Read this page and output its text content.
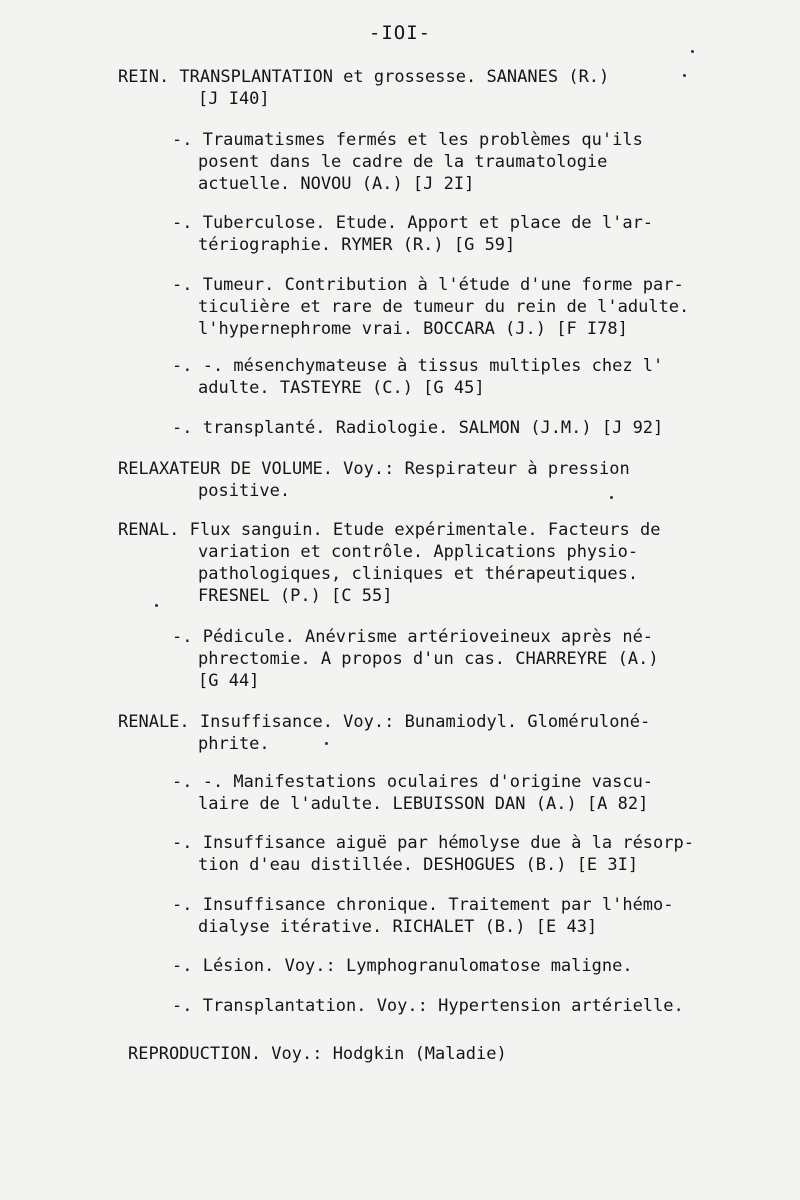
-IOI-
REIN. TRANSPLANTATION et grossesse. SANANES (R.)
[J I40]
-. Traumatismes fermés et les problèmes qu'ils
posent dans le cadre de la traumatologie
actuelle. NOVOU (A.) [J 2I]
-. Tuberculose. Etude. Apport et place de l'ar-
tériographie. RYMER (R.) [G 59]
-. Tumeur. Contribution à l'étude d'une forme par-
ticulière et rare de tumeur du rein de l'adulte.
l'hypernephrome vrai. BOCCARA (J.) [F I78]
-. -. mésenchymateuse à tissus multiples chez l'
adulte. TASTEYRE (C.) [G 45]
-. transplanté. Radiologie. SALMON (J.M.) [J 92]
RELAXATEUR DE VOLUME. Voy.: Respirateur à pression
positive.
RENAL. Flux sanguin. Etude expérimentale. Facteurs de
variation et contrôle. Applications physio-
pathologiques, cliniques et thérapeutiques.
FRESNEL (P.) [C 55]
-. Pédicule. Anévrisme artérioveineux après né-
phrectomie. A propos d'un cas. CHARREYRE (A.)
[G 44]
RENALE. Insuffisance. Voy.: Bunamiodyl. Gloméruloné-
phrite.
-. -. Manifestations oculaires d'origine vascu-
laire de l'adulte. LEBUISSON DAN (A.) [A 82]
-. Insuffisance aiguë par hémolyse due à la résorp-
tion d'eau distillée. DESHOGUES (B.) [E 3I]
-. Insuffisance chronique. Traitement par l'hémo-
dialyse itérative. RICHALET (B.) [E 43]
-. Lésion. Voy.: Lymphogranulomatose maligne.
-. Transplantation. Voy.: Hypertension artérielle.
REPRODUCTION. Voy.: Hodgkin (Maladie)
